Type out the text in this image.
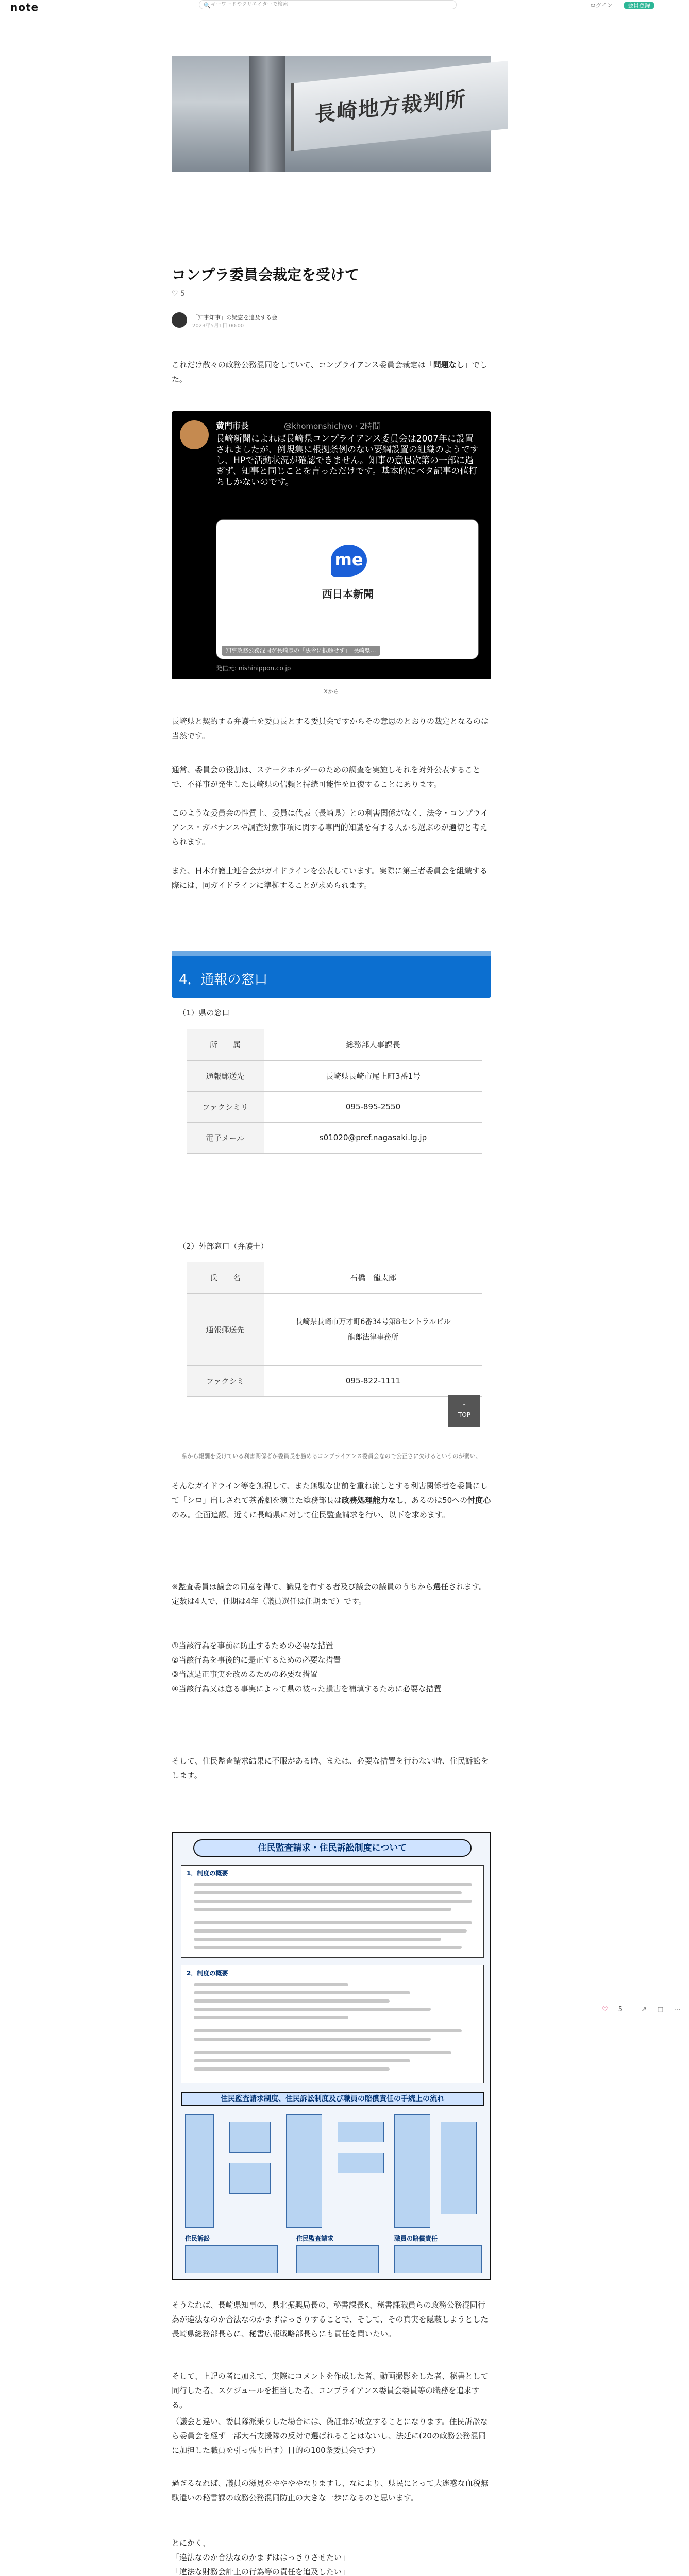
note	🔍 キーワードやクリエイターで検索	ログイン	会員登録
長崎地方裁判所
コンプラ委員会裁定を受けて
♡ 5
「知事知事」の疑惑を追及する会
2023年5月1日 00:00
これだけ散々の政務公務混同をしていて、コンプライアンス委員会裁定は「問題なし」でした。
黄門市長	@khomonshichyo · 2時間
長崎新聞によれば長崎県コンプライアンス委員会は2007年に設置されましたが、例規集に根拠条例のない要綱設置の組織のようですし、HPで活動状況が確認できません。知事の意思次第の一部に過ぎず、知事と同じことを言っただけです。基本的にベタ記事の値打ちしかないのです。
me
西日本新聞
知事政務公務混同が長崎県の「法令に抵触せず」　長崎県…
発信元: nishinippon.co.jp
Xから
長崎県と契約する弁護士を委員長とする委員会ですからその意思のとおりの裁定となるのは当然です。
通常、委員会の役割は、ステークホルダーのための調査を実施しそれを対外公表することで、不祥事が発生した長崎県の信頼と持続可能性を回復することにあります。
このような委員会の性質上、委員は代表（長崎県）との利害関係がなく、法令・コンプライアンス・ガバナンスや調査対象事項に関する専門的知識を有する人から選ぶのが適切と考えられます。
また、日本弁護士連合会がガイドラインを公表しています。実際に第三者委員会を組織する際には、同ガイドラインに準拠することが求められます。
4．通報の窓口
（1）県の窓口
所　　属	総務部人事課長
通報郵送先	長崎県長崎市尾上町3番1号
ファクシミリ	095-895-2550
電子メール	s01020@pref.nagasaki.lg.jp
（2）外部窓口（弁護士）
氏　　名	石橋　龍太郎
通報郵送先	長崎県長崎市万才町6番34号第8セントラルビル
龍郎法律事務所

ファクシミ	095-822-1111
⌃
TOP
県から報酬を受けている利害関係者が委員長を務めるコンプライアンス委員会なので公正さに欠けるというのが弱い。
そんなガイドライン等を無視して、また無駄な出前を重ね流しとする利害関係者を委員にして「シロ」出しされて茶番劇を演じた総務部長は政務処理能力なし、あるのは50への忖度心のみ。全面追認、近くに長崎県に対して住民監査請求を行い、以下を求めます。
※監査委員は議会の同意を得て、識見を有する者及び議会の議員のうちから選任されます。定数は4人で、任期は4年（議員選任は任期まで）です。
①当該行為を事前に防止するための必要な措置
②当該行為を事後的に是正するための必要な措置
③当該是正事実を改めるための必要な措置
④当該行為又は怠る事実によって県の被った損害を補填するために必要な措置
そして、住民監査請求結果に不服がある時、または、必要な措置を行わない時、住民訴訟をします。
住民監査請求・住民訴訟制度について
1．制度の概要
2．制度の概要
住民監査請求制度、住民訴訟制度及び職員の賠償責任の手続上の流れ
住民訴訟	住民監査請求	職員の賠償責任
♡ 5	↗ □ ⋯
そうなれば、長崎県知事の、県北振興局長の、秘書課長K、秘書課職員らの政務公務混同行為が違法なのか合法なのかまずはっきりすることで、そして、その真実を隠蔽しようとした長崎県総務部長らに、秘書広報戦略部長らにも責任を問いたい。
そして、上記の者に加えて、実際にコメントを作成した者、動画撮影をした者、秘書として同行した者、スケジュールを担当した者、コンプライアンス委員会委員等の職務を追求する。
（議会と違い、委員隊派乗りした場合には、偽証罪が成立することになります。住民訴訟なら委員会を経ず一部大石支援隊の反対で選ばれることはないし、法廷に(20の政務公務混同に加担した職員を引っ張り出す）目的の100条委員会です）
過ぎるなれば、議員の滋見をややややなりますし、なにより、県民にとって大迷惑な血税無駄遣いの秘書課の政務公務混同防止の大きな一歩になるのと思います。
とにかく、
「違法なのか合法なのかまずははっきりさせたい」
「違法な財務会計上の行為等の責任を追及したい」
